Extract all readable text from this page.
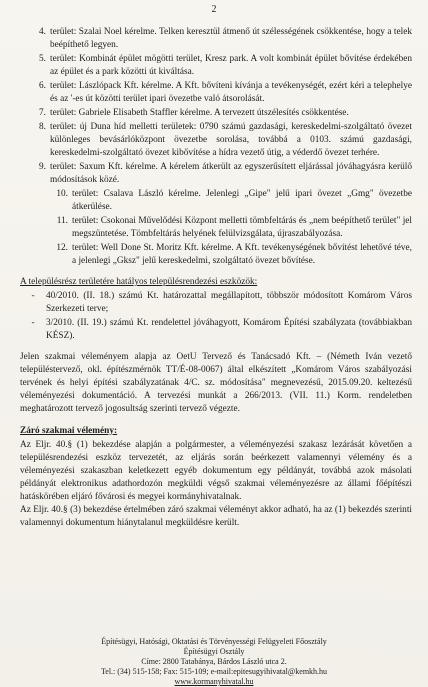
2
4. terület: Szalai Noel kérelme. Telken keresztül átmenő út szélességének csökkentése, hogy a telek beépíthető legyen.
5. terület: Kombinát épület mögötti terület, Kresz park. A volt kombinát épület bővítése érdekében az épület és a park közötti út kiváltása.
6. terület: Lászlópack Kft. kérelme. A Kft. bővíteni kívánja a tevékenységét, ezért kéri a telephelye és az '-es út közötti terület ipari övezetbe való átsorolását.
7. terület: Gabriele Elisabeth Staffler kérelme. A tervezett útszélesítés csökkentése.
8. terület: új Duna híd melletti területek: 0790 számú gazdasági, kereskedelmi-szolgáltató övezet különleges bevásárlóközpont övezetbe sorolása, továbbá a 0103. számú gazdasági, kereskedelmi-szolgáltató övezet kibővítése a hídra vezető útig, a véderdő övezet terhére.
9. terület: Saxum Kft. kérelme. A kérelem átkerült az egyszerűsített eljárással jóváhagyásra kerülő módosítások közé.
10. terület: Csalava László kérelme. Jelenlegi „Gipe" jelű ipari övezet „Gmg" övezetbe átkerülése.
11. terület: Csokonai Művelődési Központ melletti tömbfeltárás és „nem beépíthető terület" jel megszüntetése. Tömbfeltárás helyének felülvizsgálata, újraszabályozása.
12. terület: Well Done St. Moritz Kft. kérelme. A Kft. tevékenységének bővítést lehetővé téve, a jelenlegi „Gksz" jelű kereskedelmi, szolgáltató övezet bővítése.
A településrész területére hatályos településrendezési eszközök:
-	40/2010. (II. 18.) számú Kt. határozattal megállapított, többször módosított Komárom Város Szerkezeti terve;
-	3/2010. (II. 19.) számú Kt. rendelettel jóváhagyott, Komárom Építési szabályzata (továbbiakban KÉSZ).
Jelen szakmai véleményem alapja az OetU Tervező és Tanácsadó Kft. – (Németh Iván vezető településtervező, okl. építészmérnök TT/É-08-0067) által elkészített „Komárom Város szabályozási tervének és helyi építési szabályzatának 4/C. sz. módosítása" megnevezésű, 2015.09.20. keltezésű véleményezési dokumentáció. A tervezési munkát a 266/2013. (VII. 11.) Korm. rendeletben meghatározott tervező jogosultság szerinti tervező végezte.
Záró szakmai vélemény:
Az Eljr. 40.§ (1) bekezdése alapján a polgármester, a véleményezési szakasz lezárását követően a településrendezési eszköz tervezetét, az eljárás során beérkezett valamennyi vélemény és a véleményezési szakaszban keletkezett egyéb dokumentum egy példányát, továbbá azok másolati példányát elektronikus adathordozón megküldi végső szakmai véleményezésre az állami főépítészi hatáskörében eljáró fővárosi és megyei kormányhivatalnak.
Az Eljr. 40.§ (3) bekezdése értelmében záró szakmai véleményt akkor adható, ha az (1) bekezdés szerinti valamennyi dokumentum hiánytalanul megküldésre került.
Építésügyi, Hatósági, Oktatási és Törvényességi Felügyeleti Főosztály
Építésügyi Osztály
Címe: 2800 Tatabánya, Bárdos László utca 2.
Tel.: (34) 515-158; Fax: 515-109; e-mail:epitesugyihivatal@kemkh.hu
www.kormanyhivatal.hu
